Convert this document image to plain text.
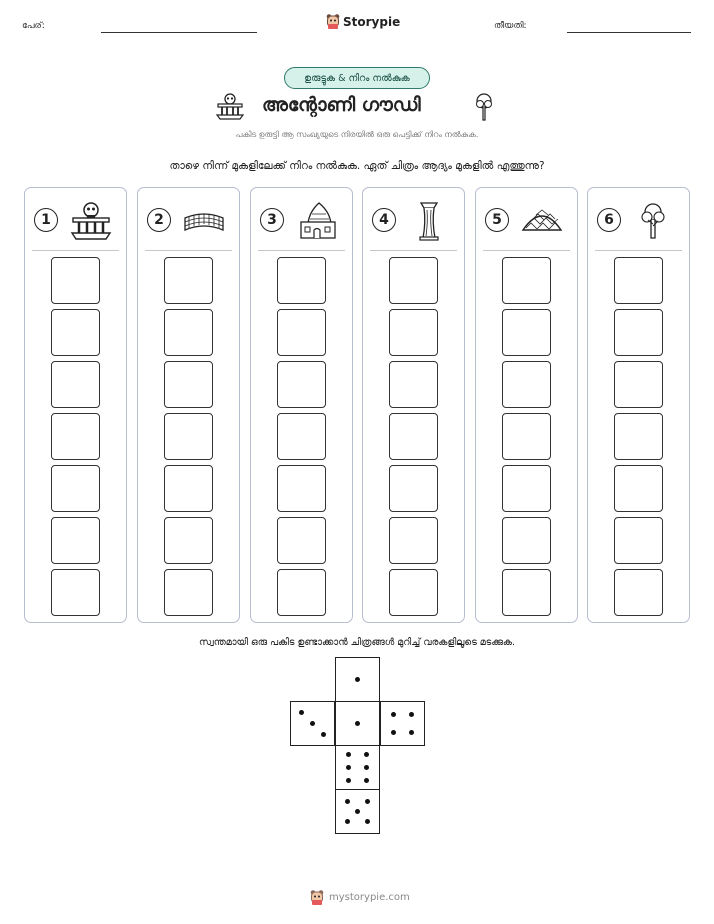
പേര്:	Storypie	തീയതി:
ഉരുട്ടുക & നിറം നൽകുക
അന്റോണി ഗൗഡി
പകിട ഉരുട്ടി ആ സംഖ്യയുടെ നിരയിൽ ഒരു പെട്ടിക്ക് നിറം നൽകുക.
താഴെ നിന്ന് മുകളിലേക്ക് നിറം നൽകുക. ഏത് ചിത്രം ആദ്യം മുകളിൽ എത്തുന്നു?
1	2	3	4	5	6
സ്വന്തമായി ഒരു പകിട ഉണ്ടാക്കാൻ ചിത്രങ്ങൾ മുറിച്ച് വരകളിലൂടെ മടക്കുക.
mystorypie.com
